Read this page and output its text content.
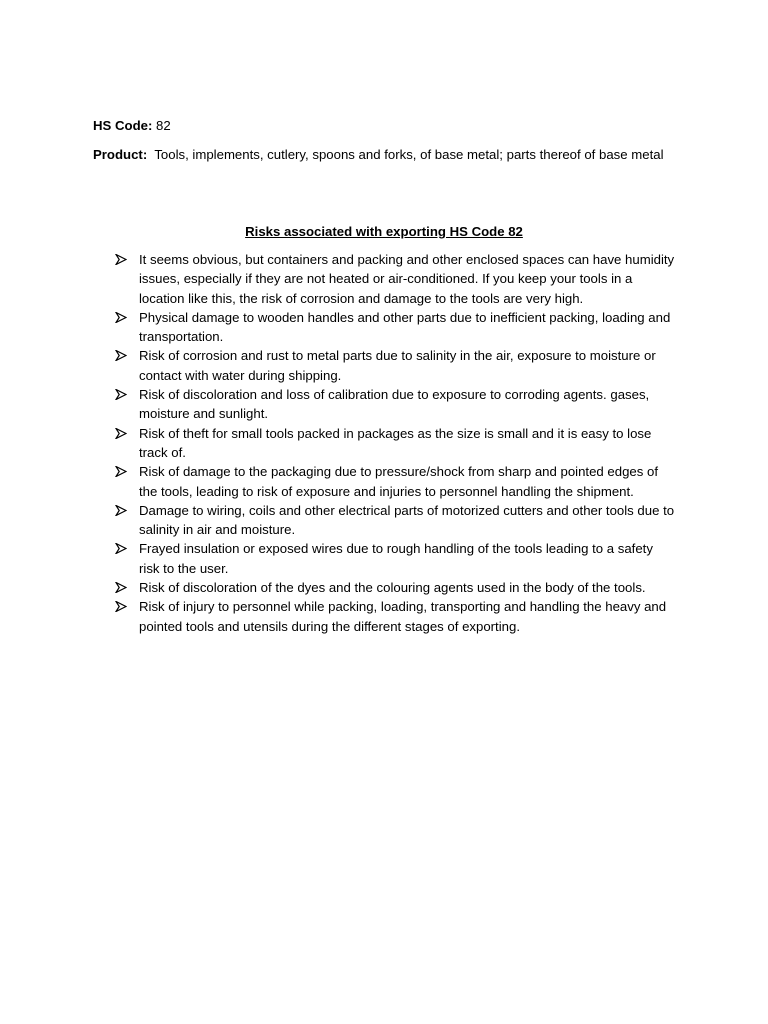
HS Code: 82
Product: Tools, implements, cutlery, spoons and forks, of base metal; parts thereof of base metal
Risks associated with exporting HS Code 82
It seems obvious, but containers and packing and other enclosed spaces can have humidity issues, especially if they are not heated or air-conditioned. If you keep your tools in a location like this, the risk of corrosion and damage to the tools are very high.
Physical damage to wooden handles and other parts due to inefficient packing, loading and transportation.
Risk of corrosion and rust to metal parts due to salinity in the air, exposure to moisture or contact with water during shipping.
Risk of discoloration and loss of calibration due to exposure to corroding agents. gases, moisture and sunlight.
Risk of theft for small tools packed in packages as the size is small and it is easy to lose track of.
Risk of damage to the packaging due to pressure/shock from sharp and pointed edges of the tools, leading to risk of exposure and injuries to personnel handling the shipment.
Damage to wiring, coils and other electrical parts of motorized cutters and other tools due to salinity in air and moisture.
Frayed insulation or exposed wires due to rough handling of the tools leading to a safety risk to the user.
Risk of discoloration of the dyes and the colouring agents used in the body of the tools.
Risk of injury to personnel while packing, loading, transporting and handling the heavy and pointed tools and utensils during the different stages of exporting.
